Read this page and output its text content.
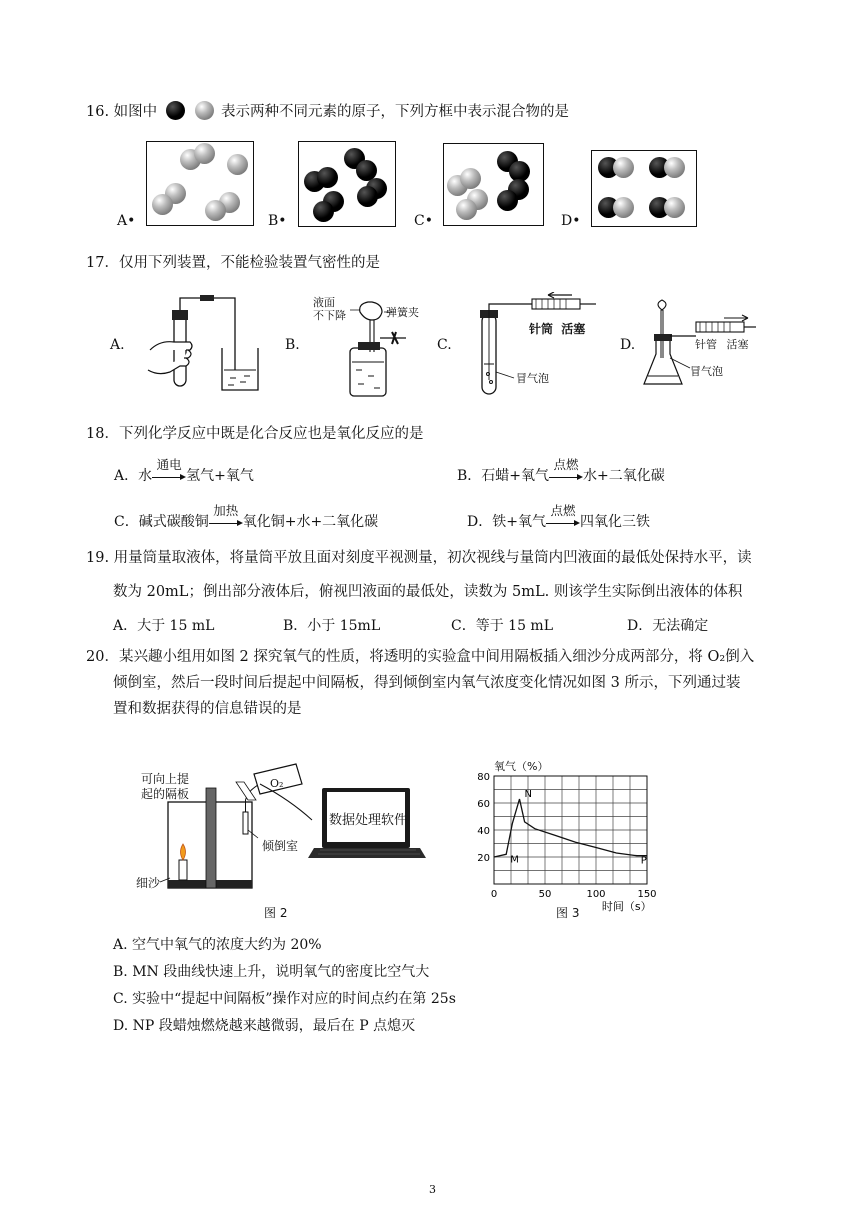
16. 如图中	表示两种不同元素的原子，下列方框中表示混合物的是
A•	B•	C•	D•
17．仅用下列装置，不能检验装置气密性的是
A.	B.
液面
不下降	弹簧夹
C.
针筒 活塞
冒气泡
D.	针管 活塞
冒气泡
18．下列化学反应中既是化合反应也是氧化反应的是
A．水
通电
氢气+氧气	B．石蜡+氧气
点燃
水+二氧化碳
C．碱式碳酸铜
加热
氧化铜+水+二氧化碳	D．铁+氧气
点燃
四氧化三铁
19. 用量筒量取液体，将量筒平放且面对刻度平视测量，初次视线与量筒内凹液面的最低处保持水平，读
数为 20mL；倒出部分液体后，俯视凹液面的最低处，读数为 5mL. 则该学生实际倒出液体的体积
A．大于 15 mL	B．小于 15mL	C．等于 15 mL	D．无法确定
20．某兴趣小组用如图 2 探究氧气的性质，将透明的实验盒中间用隔板插入细沙分成两部分，将 O₂倒入
倾倒室，然后一段时间后提起中间隔板，得到倾倒室内氧气浓度变化情况如图 3 所示，下列通过装
置和数据获得的信息错误的是
可向上提
起的隔板
O₂
数据处理软件
倾倒室
细沙
图 2
氧气（%）
80
60
40
20
0	50	100	150
时间（s）
M
N
P
图 3
A. 空气中氧气的浓度大约为 20%
B. MN 段曲线快速上升，说明氧气的密度比空气大
C. 实验中“提起中间隔板”操作对应的时间点约在第 25s
D. NP 段蜡烛燃烧越来越微弱，最后在 P 点熄灭
3
